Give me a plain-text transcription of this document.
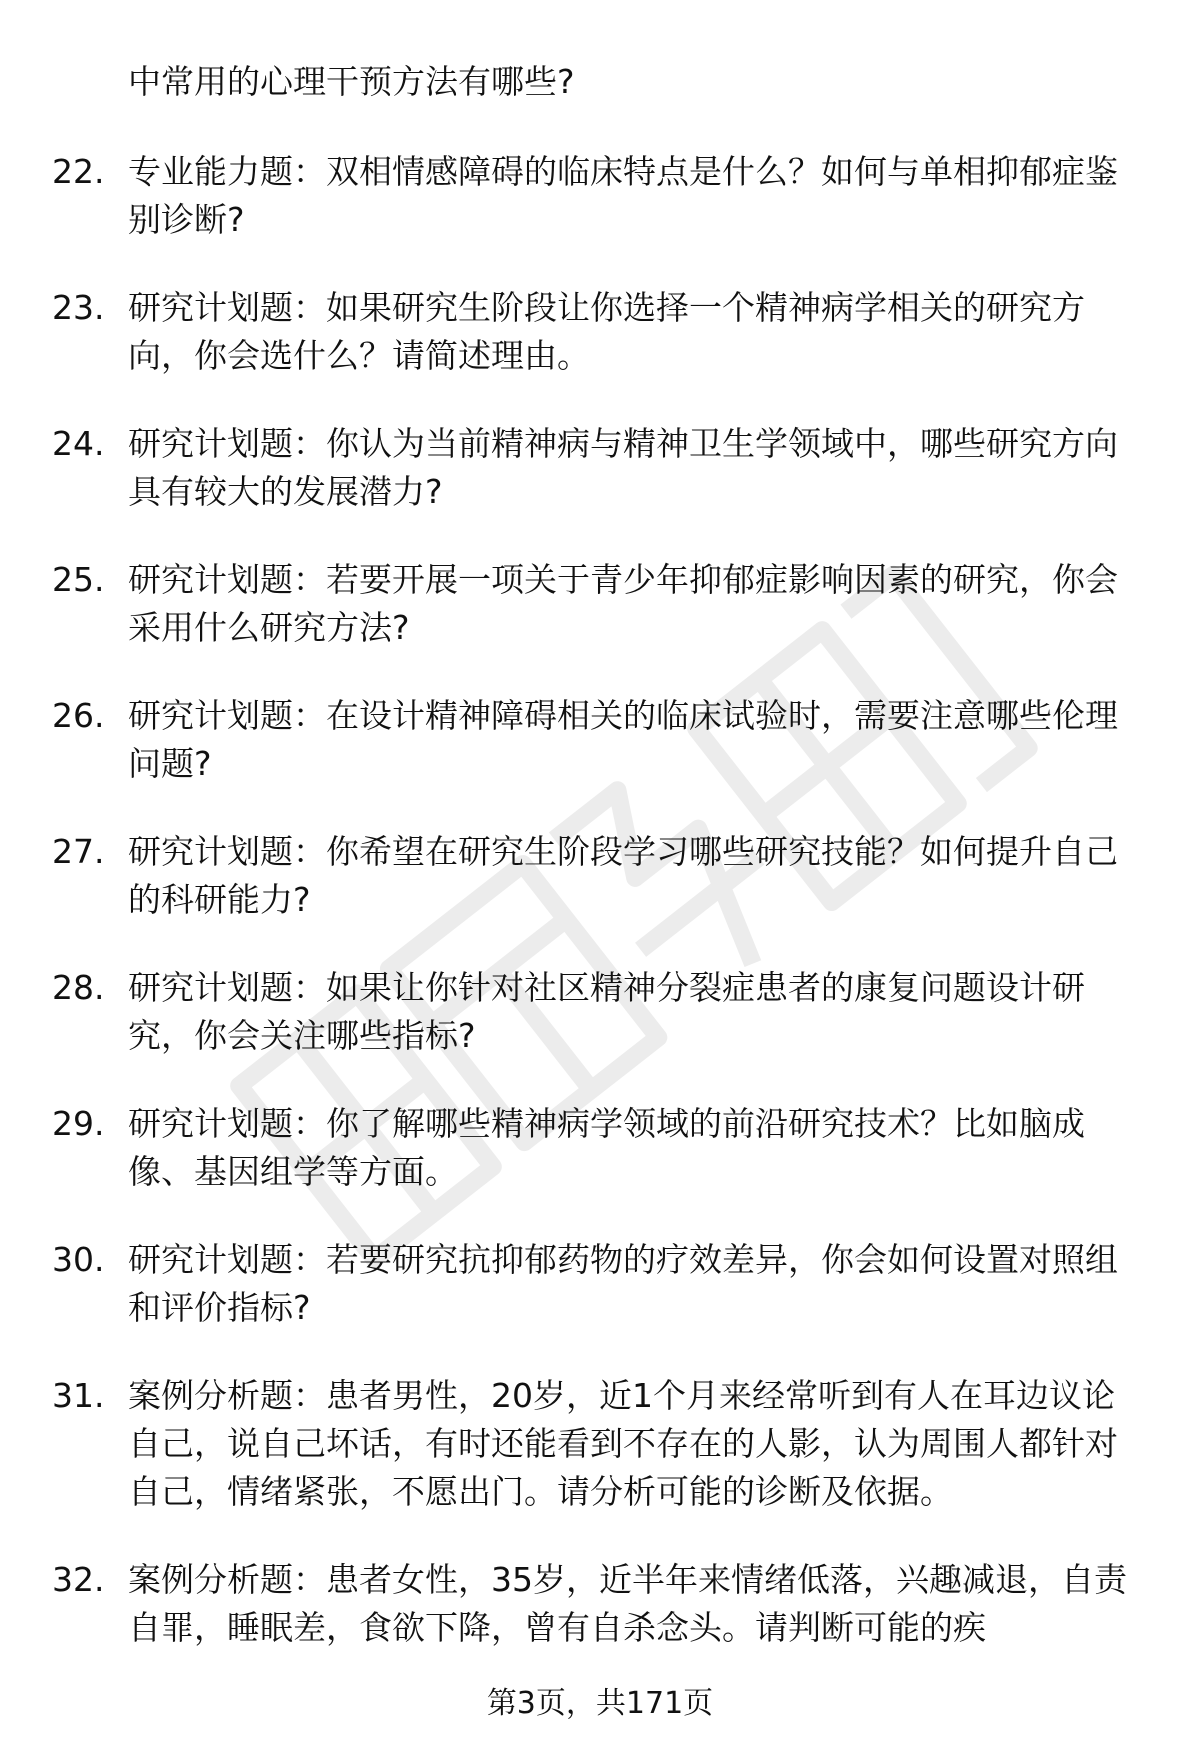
中常用的心理干预方法有哪些?

22. 专业能力题：双相情感障碍的临床特点是什么？如何与单相抑郁症鉴别诊断?
23. 研究计划题：如果研究生阶段让你选择一个精神病学相关的研究方向，你会选什么？请简述理由。
24. 研究计划题：你认为当前精神病与精神卫生学领域中，哪些研究方向具有较大的发展潜力?
25. 研究计划题：若要开展一项关于青少年抑郁症影响因素的研究，你会采用什么研究方法?
26. 研究计划题：在设计精神障碍相关的临床试验时，需要注意哪些伦理问题?
27. 研究计划题：你希望在研究生阶段学习哪些研究技能？如何提升自己的科研能力?
28. 研究计划题：如果让你针对社区精神分裂症患者的康复问题设计研究，你会关注哪些指标?
29. 研究计划题：你了解哪些精神病学领域的前沿研究技术？比如脑成像、基因组学等方面。
30. 研究计划题：若要研究抗抑郁药物的疗效差异，你会如何设置对照组和评价指标?
31. 案例分析题：患者男性，20岁，近1个月来经常听到有人在耳边议论自己，说自己坏话，有时还能看到不存在的人影，认为周围人都针对自己，情绪紧张，不愿出门。请分析可能的诊断及依据。
32. 案例分析题：患者女性，35岁，近半年来情绪低落，兴趣减退，自责自罪，睡眠差，食欲下降，曾有自杀念头。请判断可能的疾
第3页，共171页
